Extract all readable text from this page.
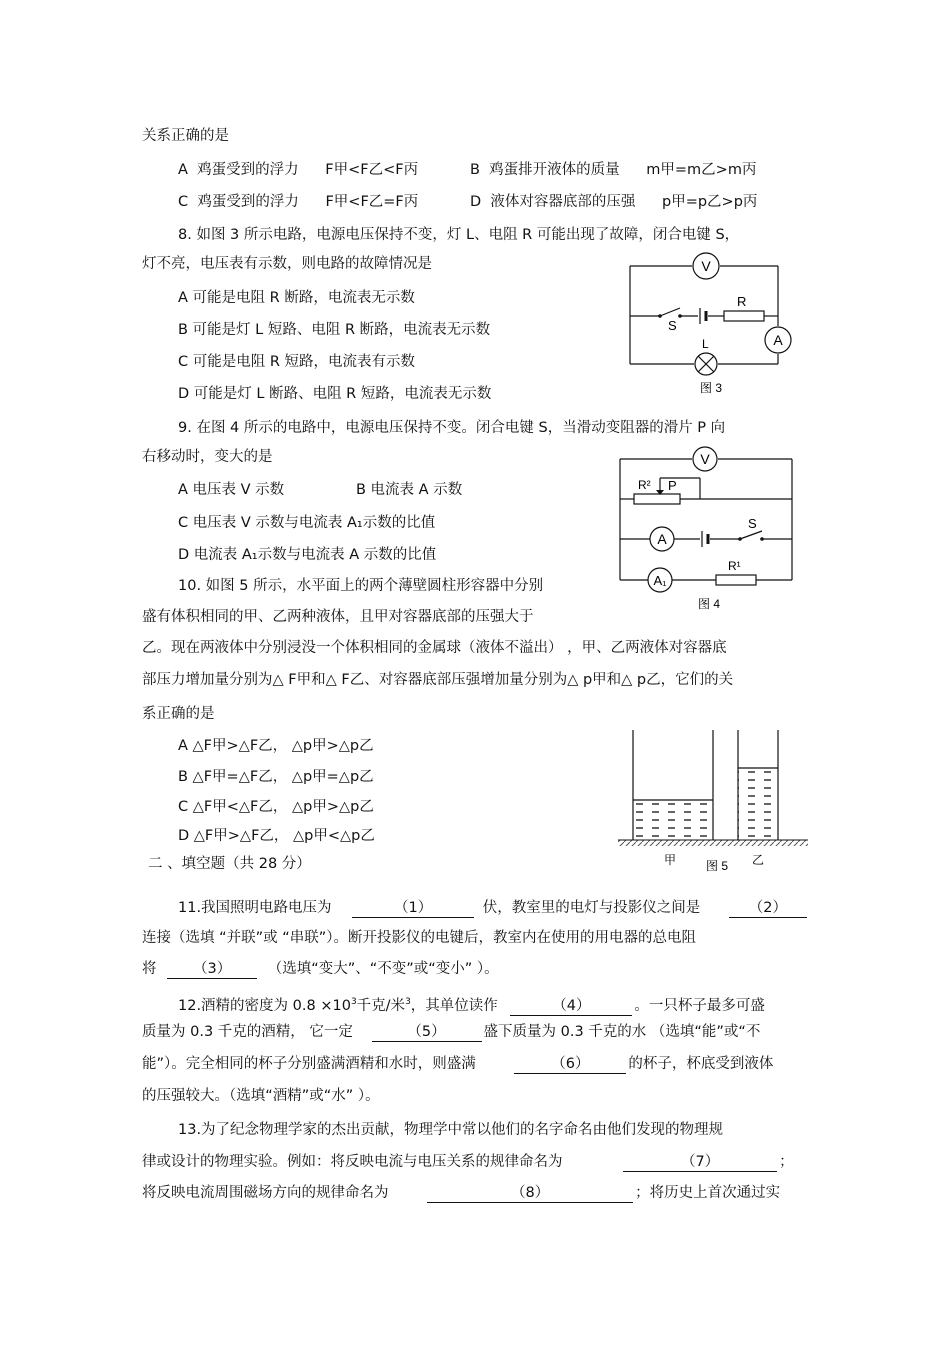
关系正确的是
A 鸡蛋受到的浮力 F甲<F乙<F丙	B 鸡蛋排开液体的质量 m甲=m乙>m丙
C 鸡蛋受到的浮力 F甲<F乙=F丙	D 液体对容器底部的压强 p甲=p乙>p丙
8. 如图 3 所示电路，电源电压保持不变，灯 L、电阻 R 可能出现了故障，闭合电键 S，
灯不亮，电压表有示数，则电路的故障情况是
A 可能是电阻 R 断路，电流表无示数
B 可能是灯 L 短路、电阻 R 断路，电流表无示数
C 可能是电阻 R 短路，电流表有示数
D 可能是灯 L 断路、电阻 R 短路，电流表无示数
V
A
R
S
L
图 3
9. 在图 4 所示的电路中，电源电压保持不变。闭合电键 S，当滑动变阻器的滑片 P 向
右移动时，变大的是
A 电压表 V 示数	B 电流表 A 示数
C 电压表 V 示数与电流表 A₁示数的比值
D 电流表 A₁示数与电流表 A 示数的比值
V
R² P
A
S
A₁
R¹
图 4
10. 如图 5 所示，水平面上的两个薄壁圆柱形容器中分别
盛有体积相同的甲、乙两种液体，且甲对容器底部的压强大于
乙。现在两液体中分别浸没一个体积相同的金属球（液体不溢出） ，甲、乙两液体对容器底
部压力增加量分别为△ F甲和△ F乙、对容器底部压强增加量分别为△ p甲和△ p乙，它们的关
系正确的是
A △F甲>△F乙， △p甲>△p乙
B △F甲=△F乙， △p甲=△p乙
C △F甲<△F乙， △p甲>△p乙
D △F甲>△F乙， △p甲<△p乙
甲	乙
图 5
二 、填空题（共 28 分）
11.我国照明电路电压为	（1）	伏，教室里的电灯与投影仪之间是	（2）
连接（选填 “并联”或 “串联”）。断开投影仪的电键后，教室内在使用的用电器的总电阻
将	（3）	（选填“变大”、“不变”或“变小” ）。
12.酒精的密度为 $0.8 \times 10^3$千克/米$^3$，其单位读作	（4）	。一只杯子最多可盛
质量为 0.3 千克的酒精， 它一定	（5）	盛下质量为 0.3 千克的水 （选填“能”或“不
能”）。完全相同的杯子分别盛满酒精和水时，则盛满	（6）	的杯子，杯底受到液体
的压强较大。（选填“酒精”或“水” ）。
13.为了纪念物理学家的杰出贡献，物理学中常以他们的名字命名由他们发现的物理规
律或设计的物理实验。例如：将反映电流与电压关系的规律命名为	（7）	；
将反映电流周围磁场方向的规律命名为	（8）	；将历史上首次通过实
